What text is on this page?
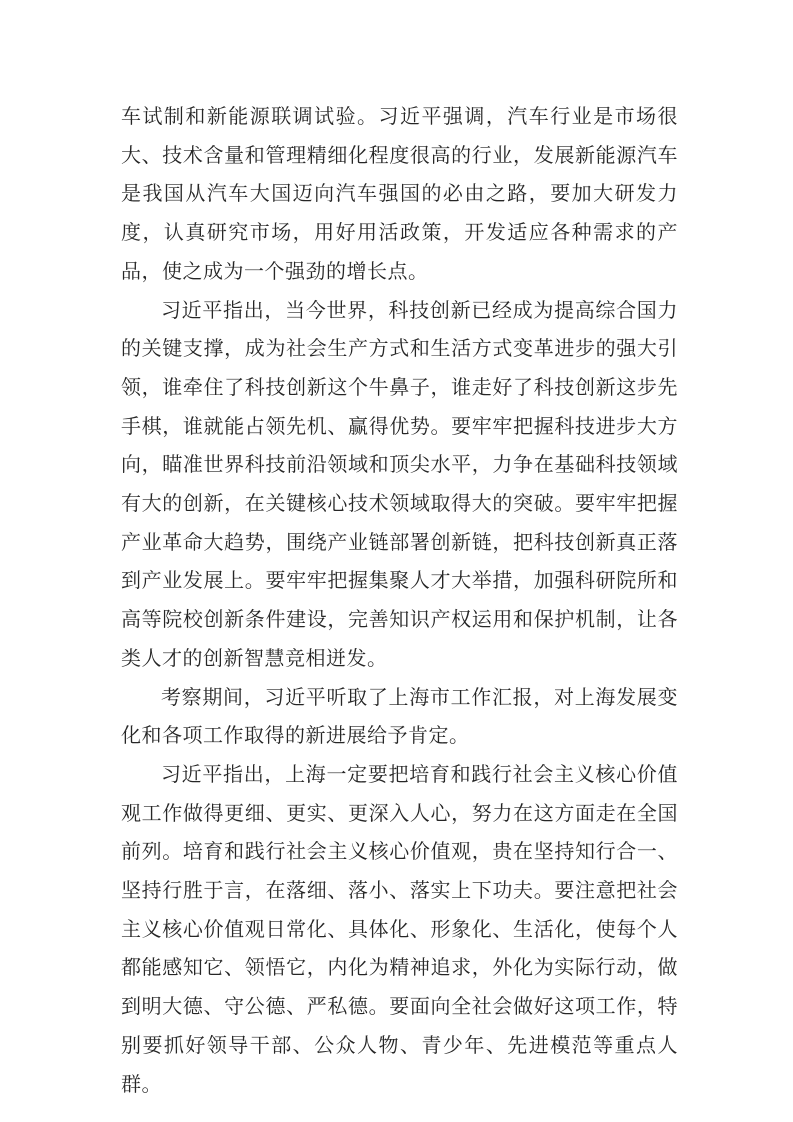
车试制和新能源联调试验。习近平强调，汽车行业是市场很大、技术含量和管理精细化程度很高的行业，发展新能源汽车是我国从汽车大国迈向汽车强国的必由之路，要加大研发力度，认真研究市场，用好用活政策，开发适应各种需求的产品，使之成为一个强劲的增长点。

习近平指出，当今世界，科技创新已经成为提高综合国力的关键支撑，成为社会生产方式和生活方式变革进步的强大引领，谁牵住了科技创新这个牛鼻子，谁走好了科技创新这步先手棋，谁就能占领先机、赢得优势。要牢牢把握科技进步大方向，瞄准世界科技前沿领域和顶尖水平，力争在基础科技领域有大的创新，在关键核心技术领域取得大的突破。要牢牢把握产业革命大趋势，围绕产业链部署创新链，把科技创新真正落到产业发展上。要牢牢把握集聚人才大举措，加强科研院所和高等院校创新条件建设，完善知识产权运用和保护机制，让各类人才的创新智慧竞相迸发。

考察期间，习近平听取了上海市工作汇报，对上海发展变化和各项工作取得的新进展给予肯定。

习近平指出，上海一定要把培育和践行社会主义核心价值观工作做得更细、更实、更深入人心，努力在这方面走在全国前列。培育和践行社会主义核心价值观，贵在坚持知行合一、坚持行胜于言，在落细、落小、落实上下功夫。要注意把社会主义核心价值观日常化、具体化、形象化、生活化，使每个人都能感知它、领悟它，内化为精神追求，外化为实际行动，做到明大德、守公德、严私德。要面向全社会做好这项工作，特别要抓好领导干部、公众人物、青少年、先进模范等重点人群。
